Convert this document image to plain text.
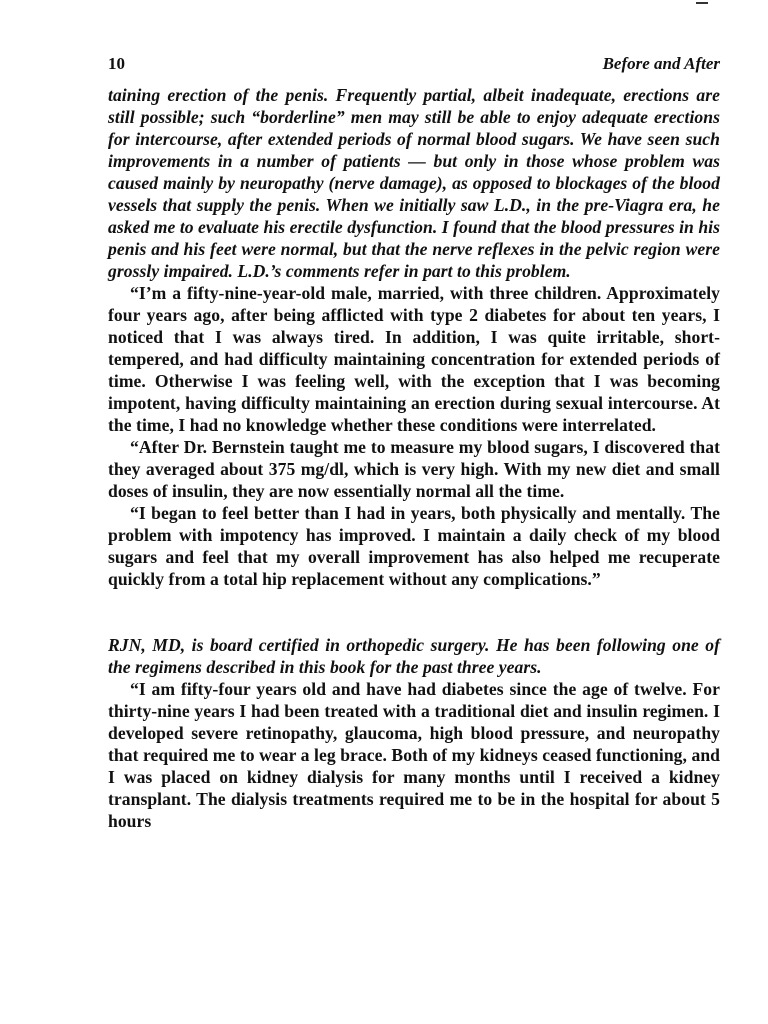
10	Before and After

taining erection of the penis. Frequently partial, albeit inadequate, erections are still possible; such “borderline” men may still be able to enjoy adequate erections for intercourse, after extended periods of normal blood sugars. We have seen such improvements in a number of patients — but only in those whose problem was caused mainly by neuropathy (nerve damage), as opposed to blockages of the blood vessels that supply the penis. When we initially saw L.D., in the pre-Viagra era, he asked me to evaluate his erectile dysfunction. I found that the blood pressures in his penis and his feet were normal, but that the nerve reflexes in the pelvic region were grossly impaired. L.D.’s comments refer in part to this problem.

“I’m a fifty-nine-year-old male, married, with three children. Approximately four years ago, after being afflicted with type 2 diabetes for about ten years, I noticed that I was always tired. In addition, I was quite irritable, short-tempered, and had difficulty maintaining concentration for extended periods of time. Otherwise I was feeling well, with the exception that I was becoming impotent, having difficulty maintaining an erection during sexual intercourse. At the time, I had no knowledge whether these conditions were interrelated.

“After Dr. Bernstein taught me to measure my blood sugars, I discovered that they averaged about 375 mg/dl, which is very high. With my new diet and small doses of insulin, they are now essentially normal all the time.

“I began to feel better than I had in years, both physically and mentally. The problem with impotency has improved. I maintain a daily check of my blood sugars and feel that my overall improvement has also helped me recuperate quickly from a total hip replacement without any complications.”

RJN, MD, is board certified in orthopedic surgery. He has been following one of the regimens described in this book for the past three years.

“I am fifty-four years old and have had diabetes since the age of twelve. For thirty-nine years I had been treated with a traditional diet and insulin regimen. I developed severe retinopathy, glaucoma, high blood pressure, and neuropathy that required me to wear a leg brace. Both of my kidneys ceased functioning, and I was placed on kidney dialysis for many months until I received a kidney transplant. The dialysis treatments required me to be in the hospital for about 5 hours
